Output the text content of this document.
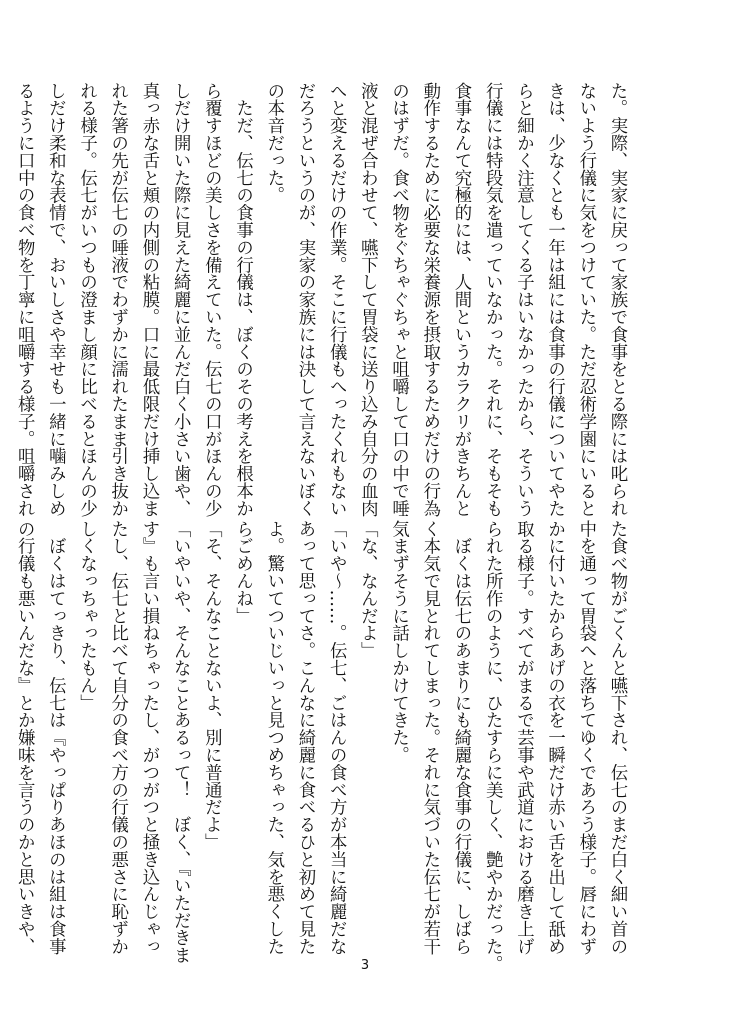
た。実際、実家に戻って家族で食事をとる際には叱られ
ないよう行儀に気をつけていた。ただ忍術学園にいると
きは、少なくとも一年は組には食事の行儀についてやた
らと細かく注意してくる子はいなかったから、そういう
行儀には特段気を遣っていなかった。それに、そもそも
食事なんて究極的には、人間というカラクリがきちんと
動作するために必要な栄養源を摂取するためだけの行為
のはずだ。食べ物をぐちゃぐちゃと咀嚼して口の中で唾
液と混ぜ合わせて、嚥下して胃袋に送り込み自分の血肉
へと変えるだけの作業。そこに行儀もへったくれもない
だろうというのが、実家の家族には決して言えないぼく
の本音だった。
　ただ、伝七の食事の行儀は、ぼくのその考えを根本か
ら覆すほどの美しさを備えていた。伝七の口がほんの少
しだけ開いた際に見えた綺麗に並んだ白く小さい歯や、
真っ赤な舌と頬の内側の粘膜。口に最低限だけ挿し込ま
れた箸の先が伝七の唾液でわずかに濡れたまま引き抜か
れる様子。伝七がいつもの澄まし顔に比べるとほんの少
しだけ柔和な表情で、おいしさや幸せも一緒に噛みしめ
るように口中の食べ物を丁寧に咀嚼する様子。咀嚼され
た食べ物がごくんと嚥下され、伝七のまだ白く細い首の
中を通って胃袋へと落ちてゆくであろう様子。唇にわず
かに付いたからあげの衣を一瞬だけ赤い舌を出して舐め
取る様子。すべてがまるで芸事や武道における磨き上げ
られた所作のように、ひたすらに美しく、艶やかだった。
　ぼくは伝七のあまりにも綺麗な食事の行儀に、しばら
く本気で見とれてしまった。それに気づいた伝七が若干
気まずそうに話しかけてきた。
「な、なんだよ」
「いや〜……。伝七、ごはんの食べ方が本当に綺麗だな
あって思ってさ。こんなに綺麗に食べるひと初めて見た
よ。驚いてついじいっと見つめちゃった、気を悪くした
らごめんね」
「そ、そんなことないよ、別に普通だよ」
「いやいや、そんなことあるって！　ぼく、『いただきま
す』も言い損ねちゃったし、がつがつと掻き込んじゃっ
たし、伝七と比べて自分の食べ方の行儀の悪さに恥ずか
しくなっちゃったもん」
　ぼくはてっきり、伝七は『やっぱりあほのは組は食事
の行儀も悪いんだな』とか嫌味を言うのかと思いきや、
3
